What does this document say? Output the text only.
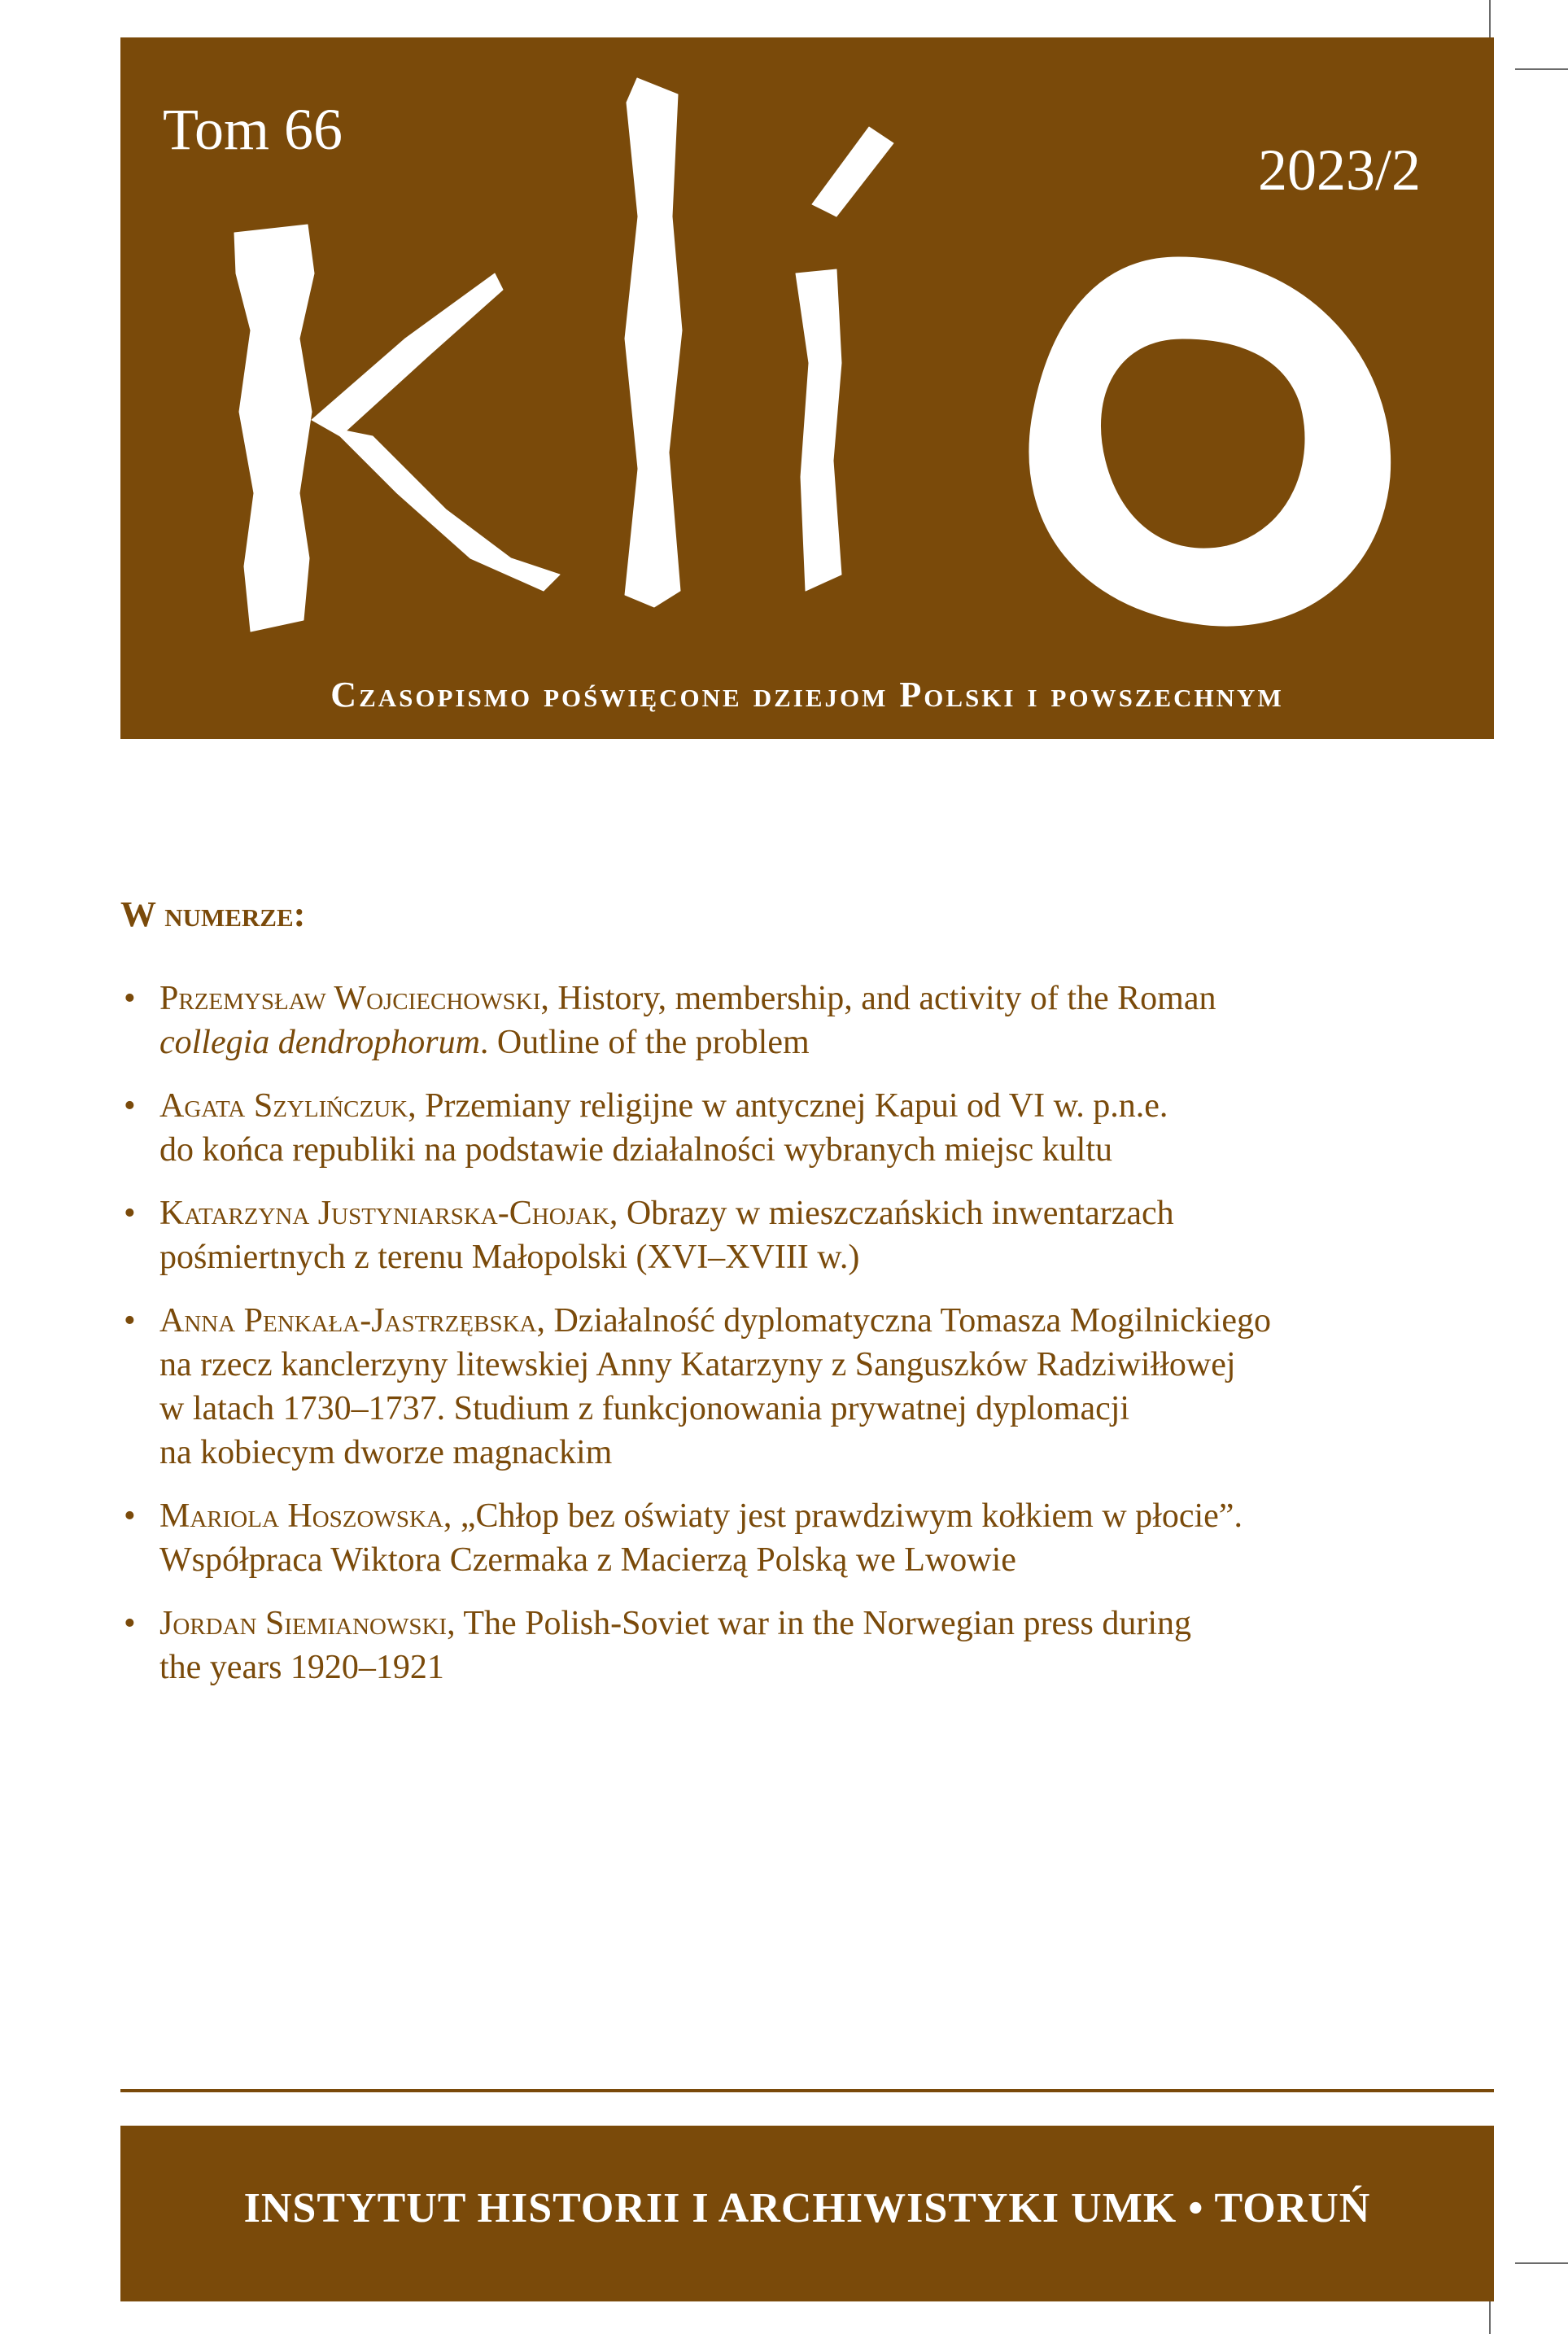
Tom 66
2023/2
Czasopismo poświęcone dziejom Polski i powszechnym
W numerze:
• Przemysław Wojciechowski, History, membership, and activity of the Roman
collegia dendrophorum. Outline of the problem
• Agata Szylińczuk, Przemiany religijne w antycznej Kapui od VI w. p.n.e.
do końca republiki na podstawie działalności wybranych miejsc kultu
• Katarzyna Justyniarska-Chojak, Obrazy w mieszczańskich inwentarzach
pośmiertnych z terenu Małopolski (XVI–XVIII w.)
• Anna Penkała-Jastrzębska, Działalność dyplomatyczna Tomasza Mogilnickiego
na rzecz kanclerzyny litewskiej Anny Katarzyny z Sanguszków Radziwiłłowej
w latach 1730–1737. Studium z funkcjonowania prywatnej dyplomacji
na kobiecym dworze magnackim
• Mariola Hoszowska, „Chłop bez oświaty jest prawdziwym kołkiem w płocie”.
Współpraca Wiktora Czermaka z Macierzą Polską we Lwowie
• Jordan Siemianowski, The Polish-Soviet war in the Norwegian press during
the years 1920–1921
INSTYTUT HISTORII I ARCHIWISTYKI UMK • TORUŃ
